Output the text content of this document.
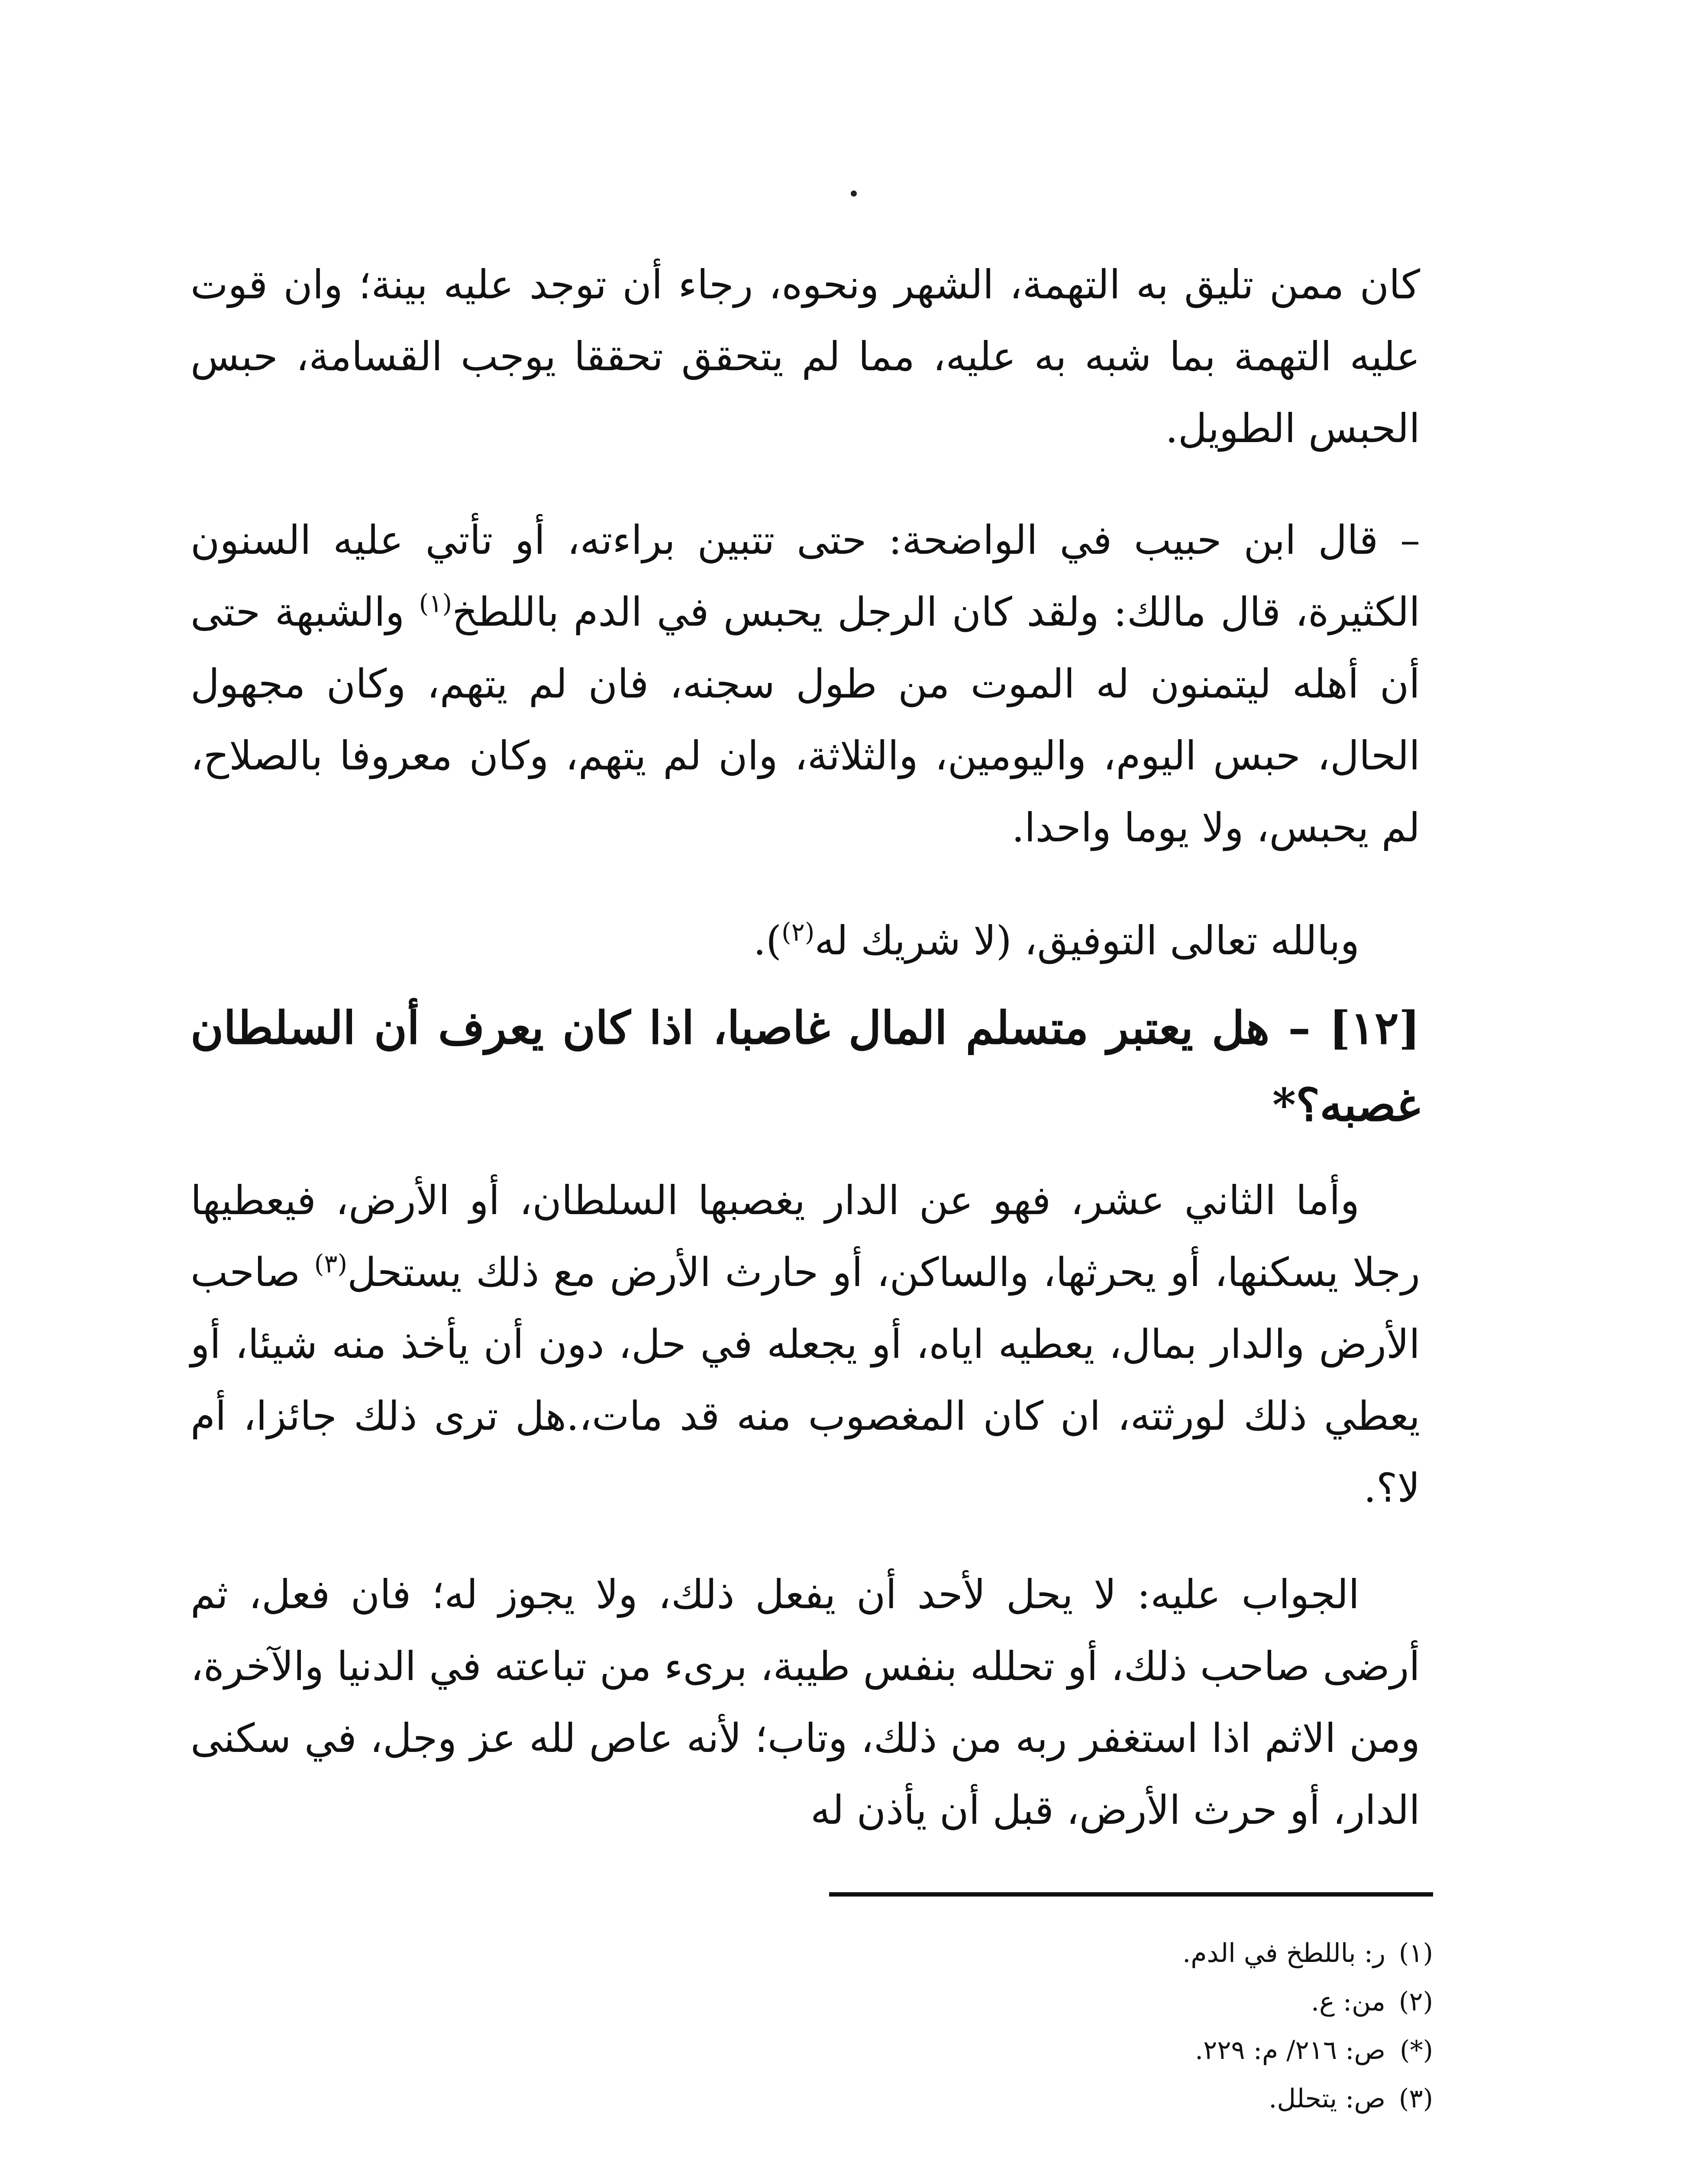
كان ممن تليق به التهمة، الشهر ونحوه، رجاء أن توجد عليه بينة؛ وان قوت عليه التهمة بما شبه به عليه، مما لم يتحقق تحققا يوجب القسامة، حبس الحبس الطويل.

– قال ابن حبيب في الواضحة: حتى تتبين براءته، أو تأتي عليه السنون الكثيرة، قال مالك: ولقد كان الرجل يحبس في الدم باللطخ$^{(١)}$ والشبهة حتى أن أهله ليتمنون له الموت من طول سجنه، فان لم يتهم، وكان مجهول الحال، حبس اليوم، واليومين، والثلاثة، وان لم يتهم، وكان معروفا بالصلاح، لم يحبس، ولا يوما واحدا.

وبالله تعالى التوفيق، (لا شريك له$^{(٢)}$).

[١٢] – هل يعتبر متسلم المال غاصبا، اذا كان يعرف أن السلطان غصبه؟*

وأما الثاني عشر، فهو عن الدار يغصبها السلطان، أو الأرض، فيعطيها رجلا يسكنها، أو يحرثها، والساكن، أو حارث الأرض مع ذلك يستحل$^{(٣)}$ صاحب الأرض والدار بمال، يعطيه اياه، أو يجعله في حل، دون أن يأخذ منه شيئا، أو يعطي ذلك لورثته، ان كان المغصوب منه قد مات،.هل ترى ذلك جائزا، أم لا؟.

الجواب عليه: لا يحل لأحد أن يفعل ذلك، ولا يجوز له؛ فان فعل، ثم أرضى صاحب ذلك، أو تحلله بنفس طيبة، برىء من تباعته في الدنيا والآخرة، ومن الاثم اذا استغفر ربه من ذلك، وتاب؛ لأنه عاص لله عز وجل، في سكنى الدار، أو حرث الأرض، قبل أن يأذن له

(١)ر: باللطخ في الدم.

(٢)من: ع.

(*)ص: ٢١٦/ م: ٢٢٩.

(٣)ص: يتحلل.
